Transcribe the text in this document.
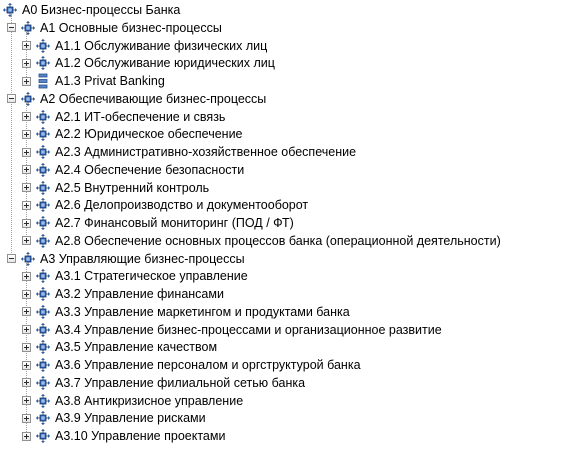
A0 Бизнес-процессы Банка
A1 Основные бизнес-процессы
A1.1 Обслуживание физических лиц
A1.2 Обслуживание юридических лиц
A1.3 Privat Banking
A2 Обеспечивающие бизнес-процессы
A2.1 ИТ-обеспечение и связь
A2.2 Юридическое обеспечение
A2.3 Административно-хозяйственное обеспечение
A2.4 Обеспечение безопасности
A2.5 Внутренний контроль
A2.6 Делопроизводство и документооборот
A2.7 Финансовый мониторинг (ПОД / ФТ)
A2.8 Обеспечение основных процессов банка (операционной деятельности)
A3 Управляющие бизнес-процессы
A3.1 Стратегическое управление
A3.2 Управление финансами
A3.3 Управление маркетингом и продуктами банка
A3.4 Управление бизнес-процессами и организационное развитие
A3.5 Управление качеством
A3.6 Управление персоналом и оргструктурой банка
A3.7 Управление филиальной сетью банка
A3.8 Антикризисное управление
A3.9 Управление рисками
A3.10 Управление проектами
